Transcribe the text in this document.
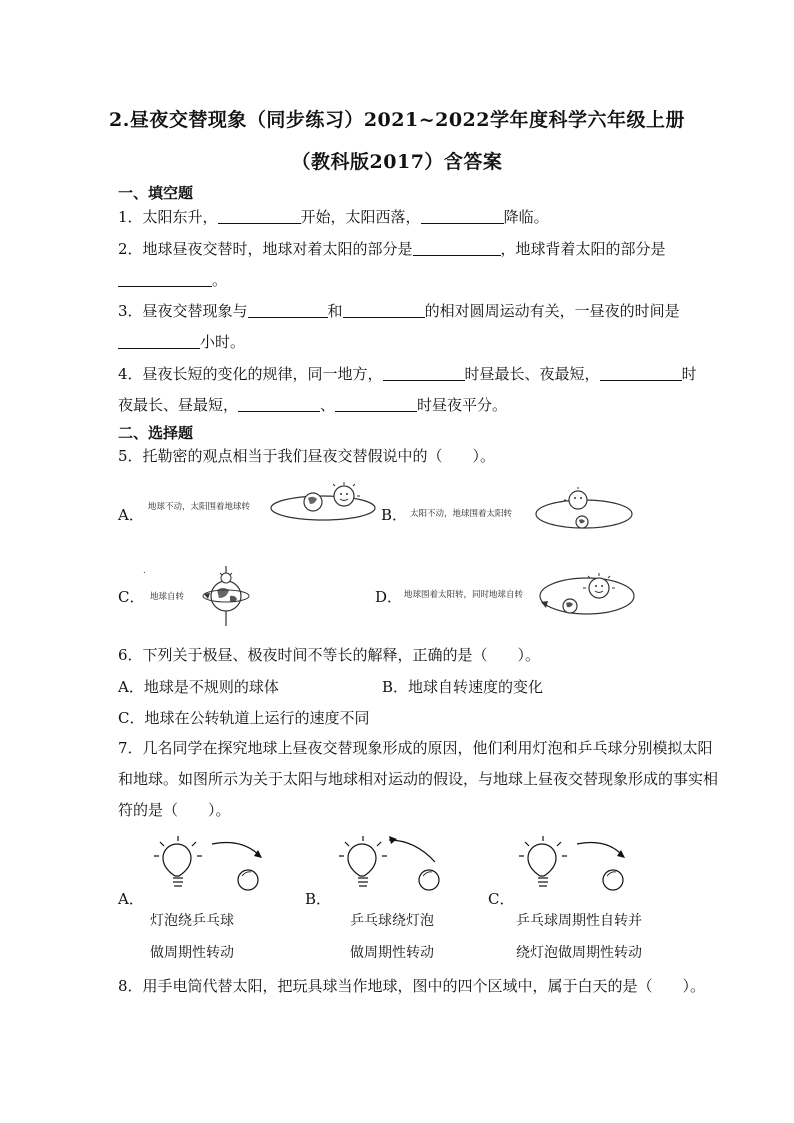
2.昼夜交替现象（同步练习）2021~2022学年度科学六年级上册
（教科版2017）含答案
一、填空题
1．太阳东升，	开始，太阳西落，	降临。
2．地球昼夜交替时，地球对着太阳的部分是	，地球背着太阳的部分是
。
3．昼夜交替现象与	和	的相对圆周运动有关，一昼夜的时间是
小时。
4．昼夜长短的变化的规律，同一地方，	时昼最长、夜最短，	时
夜最长、昼最短，	、	时昼夜平分。
二、选择题
5．托勒密的观点相当于我们昼夜交替假说中的（　　）。
A． 地球不动，太阳围着地球转	B． 太阳不动，地球围着太阳转
.
C． 地球自转	D． 地球围着太阳转，同时地球自转
6．下列关于极昼、极夜时间不等长的解释，正确的是（　　）。
A．地球是不规则的球体	B．地球自转速度的变化
C．地球在公转轨道上运行的速度不同
7．几名同学在探究地球上昼夜交替现象形成的原因，他们利用灯泡和乒乓球分别模拟太阳
和地球。如图所示为关于太阳与地球相对运动的假设，与地球上昼夜交替现象形成的事实相
符的是（　　）。
A．
灯泡绕乒乓球
做周期性转动
B．
乒乓球绕灯泡
做周期性转动
C．
乒乓球周期性自转并
绕灯泡做周期性转动
8．用手电筒代替太阳，把玩具球当作地球，图中的四个区域中，属于白天的是（　　）。
